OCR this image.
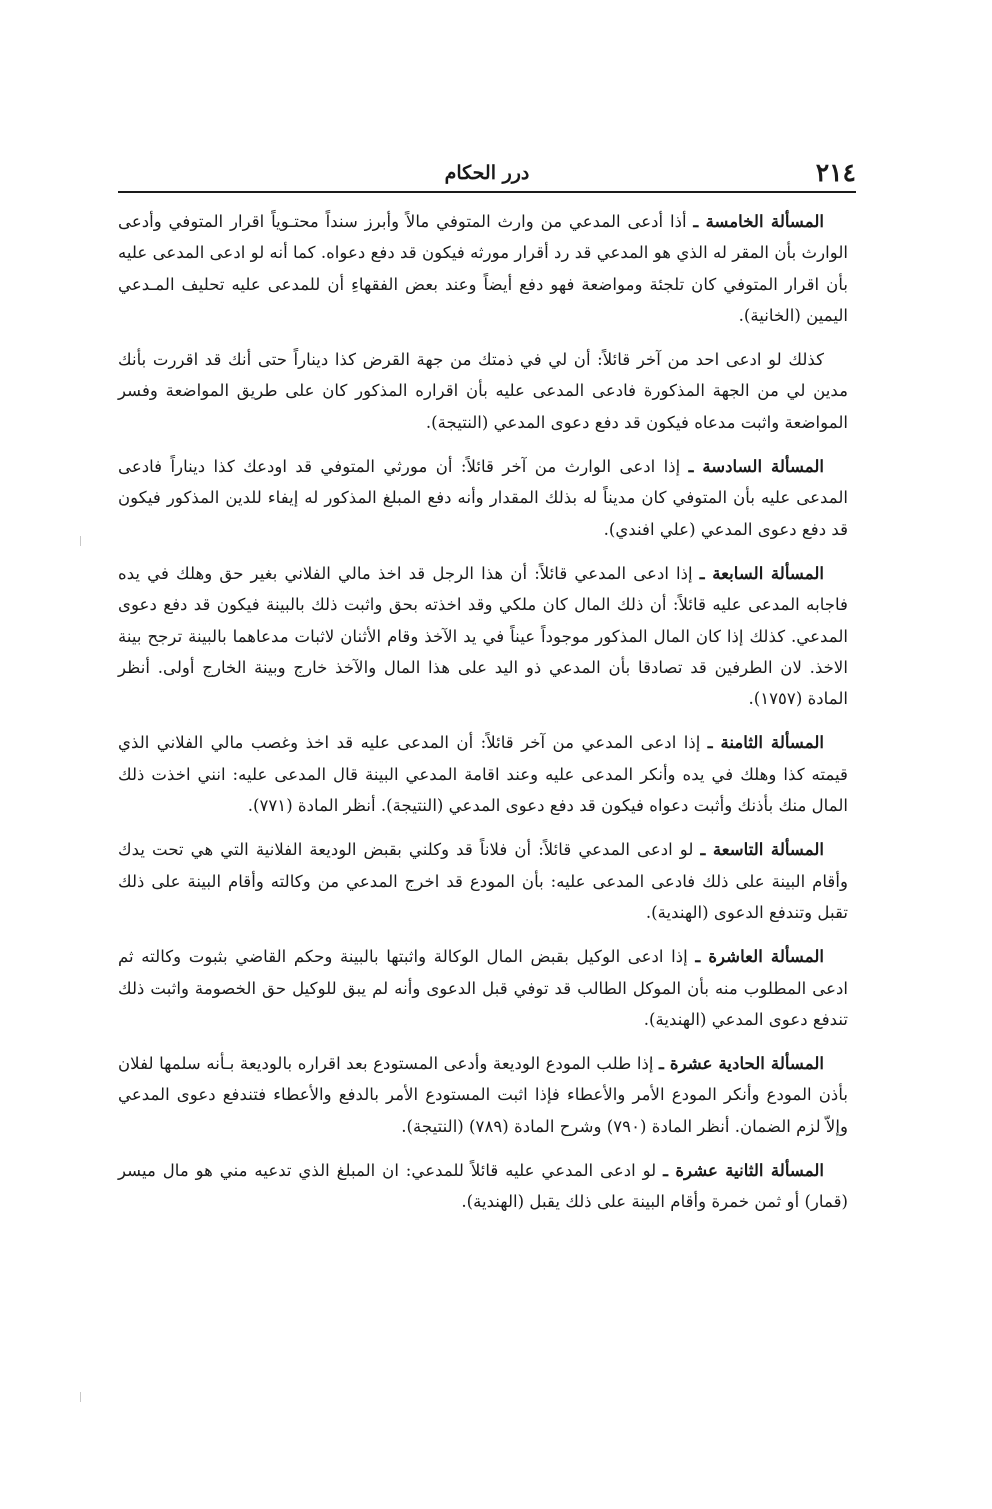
٢١٤
درر الحكام

المسألة الخامسة ـ أذا أدعى المدعي من وارث المتوفي مالاً وأبرز سنداً محتـوياً اقرار المتوفي وأدعى الوارث بأن المقر له الذي هو المدعي قد رد أقرار مورثه فيكون قد دفع دعواه. كما أنه لو ادعى المدعى عليه بأن اقرار المتوفي كان تلجئة ومواضعة فهو دفع أيضاً وعند بعض الفقهاءِ أن للمدعى عليه تحليف المـدعي اليمين (الخانية).

كذلك لو ادعى احد من آخر قائلاً: أن لي في ذمتك من جهة القرض كذا ديناراً حتى أنك قد اقررت بأنك مدين لي من الجهة المذكورة فادعى المدعى عليه بأن اقراره المذكور كان على طريق المواضعة وفسر المواضعة واثبت مدعاه فيكون قد دفع دعوى المدعي (النتيجة).

المسألة السادسة ـ إذا ادعى الوارث من آخر قائلاً: أن مورثي المتوفي قد اودعك كذا ديناراً فادعى المدعى عليه بأن المتوفي كان مديناً له بذلك المقدار وأنه دفع المبلغ المذكور له إيفاء للدين المذكور فيكون قد دفع دعوى المدعي (علي افندي).

المسألة السابعة ـ إذا ادعى المدعي قائلاً: أن هذا الرجل قد اخذ مالي الفلاني بغير حق وهلك في يده فاجابه المدعى عليه قائلاً: أن ذلك المال كان ملكي وقد اخذته بحق واثبت ذلك بالبينة فيكون قد دفع دعوى المدعي. كذلك إذا كان المال المذكور موجوداً عيناً في يد الآخذ وقام الأثنان لاثبات مدعاهما بالبينة ترجح بينة الاخذ. لان الطرفين قد تصادقا بأن المدعي ذو اليد على هذا المال والآخذ خارج وبينة الخارج أولى. أنظر المادة (١٧٥٧).

المسألة الثامنة ـ إذا ادعى المدعي من آخر قائلاً: أن المدعى عليه قد اخذ وغصب مالي الفلاني الذي قيمته كذا وهلك في يده وأنكر المدعى عليه وعند اقامة المدعي البينة قال المدعى عليه: انني اخذت ذلك المال منك بأذنك وأثبت دعواه فيكون قد دفع دعوى المدعي (النتيجة). أنظر المادة (٧٧١).

المسألة التاسعة ـ لو ادعى المدعي قائلاً: أن فلاناً قد وكلني بقبض الوديعة الفلانية التي هي تحت يدك وأقام البينة على ذلك فادعى المدعى عليه: بأن المودع قد اخرج المدعي من وكالته وأقام البينة على ذلك تقبل وتندفع الدعوى (الهندية).

المسألة العاشرة ـ إذا ادعى الوكيل بقبض المال الوكالة واثبتها بالبينة وحكم القاضي بثبوت وكالته ثم ادعى المطلوب منه بأن الموكل الطالب قد توفي قبل الدعوى وأنه لم يبق للوكيل حق الخصومة واثبت ذلك تندفع دعوى المدعي (الهندية).

المسألة الحادية عشرة ـ إذا طلب المودع الوديعة وأدعى المستودع بعد اقراره بالوديعة بـأنه سلمها لفلان بأذن المودع وأنكر المودع الأمر والأعطاء فإذا اثبت المستودع الأمر بالدفع والأعطاء فتندفع دعوى المدعي وإلاّ لزم الضمان. أنظر المادة (٧٩٠) وشرح المادة (٧٨٩) (النتيجة).

المسألة الثانية عشرة ـ لو ادعى المدعي عليه قائلاً للمدعي: ان المبلغ الذي تدعيه مني هو مال ميسر (قمار) أو ثمن خمرة وأقام البينة على ذلك يقبل (الهندية).
